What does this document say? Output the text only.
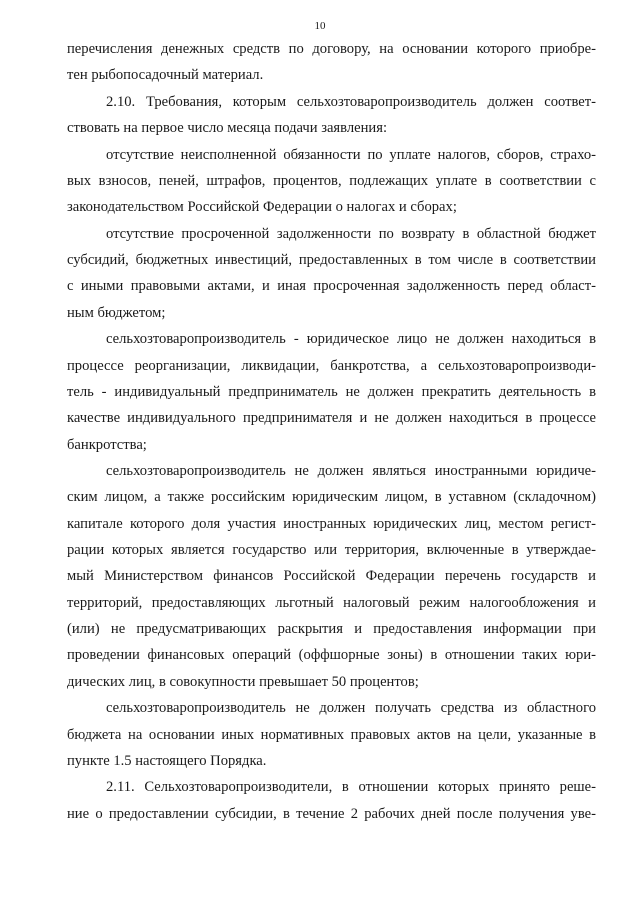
10
перечисления денежных средств по договору, на основании которого приобре-
тен рыбопосадочный материал.
2.10. Требования, которым сельхозтоваропроизводитель должен соответ-
ствовать на первое число месяца подачи заявления:
отсутствие неисполненной обязанности по уплате налогов, сборов, страхо-
вых взносов, пеней, штрафов, процентов, подлежащих уплате в соответствии с
законодательством Российской Федерации о налогах и сборах;
отсутствие просроченной задолженности по возврату в областной бюджет
субсидий, бюджетных инвестиций, предоставленных в том числе в соответствии
с иными правовыми актами, и иная просроченная задолженность перед област-
ным бюджетом;
сельхозтоваропроизводитель - юридическое лицо не должен находиться в
процессе реорганизации, ликвидации, банкротства, а сельхозтоваропроизводи-
тель - индивидуальный предприниматель не должен прекратить деятельность в
качестве индивидуального предпринимателя и не должен находиться в процессе
банкротства;
сельхозтоваропроизводитель не должен являться иностранными юридиче-
ским лицом, а также российским юридическим лицом, в уставном (складочном)
капитале которого доля участия иностранных юридических лиц, местом регист-
рации которых является государство или территория, включенные в утверждае-
мый Министерством финансов Российской Федерации перечень государств и
территорий, предоставляющих льготный налоговый режим налогообложения и
(или) не предусматривающих раскрытия и предоставления информации при
проведении финансовых операций (оффшорные зоны) в отношении таких юри-
дических лиц, в совокупности превышает 50 процентов;
сельхозтоваропроизводитель не должен получать средства из областного
бюджета на основании иных нормативных правовых актов на цели, указанные в
пункте 1.5 настоящего Порядка.
2.11. Сельхозтоваропроизводители, в отношении которых принято реше-
ние о предоставлении субсидии, в течение 2 рабочих дней после получения уве-
